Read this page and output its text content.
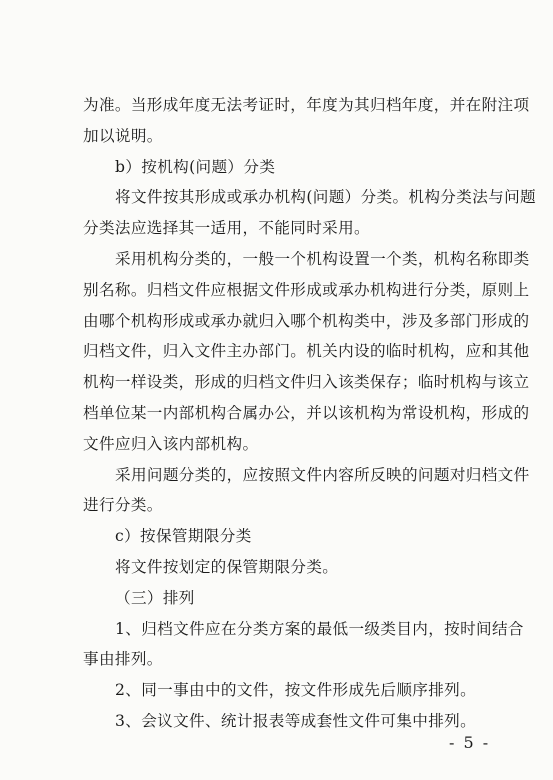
为准。当形成年度无法考证时，年度为其归档年度，并在附注项
加以说明。
b）按机构(问题）分类
将文件按其形成或承办机构(问题）分类。机构分类法与问题
分类法应选择其一适用，不能同时采用。
采用机构分类的，一般一个机构设置一个类，机构名称即类
别名称。归档文件应根据文件形成或承办机构进行分类，原则上
由哪个机构形成或承办就归入哪个机构类中，涉及多部门形成的
归档文件，归入文件主办部门。机关内设的临时机构，应和其他
机构一样设类，形成的归档文件归入该类保存；临时机构与该立
档单位某一内部机构合属办公，并以该机构为常设机构，形成的
文件应归入该内部机构。
采用问题分类的，应按照文件内容所反映的问题对归档文件
进行分类。
c）按保管期限分类
将文件按划定的保管期限分类。
（三）排列
1、归档文件应在分类方案的最低一级类目内，按时间结合
事由排列。
2、同一事由中的文件，按文件形成先后顺序排列。
3、会议文件、统计报表等成套性文件可集中排列。
- 5 -
